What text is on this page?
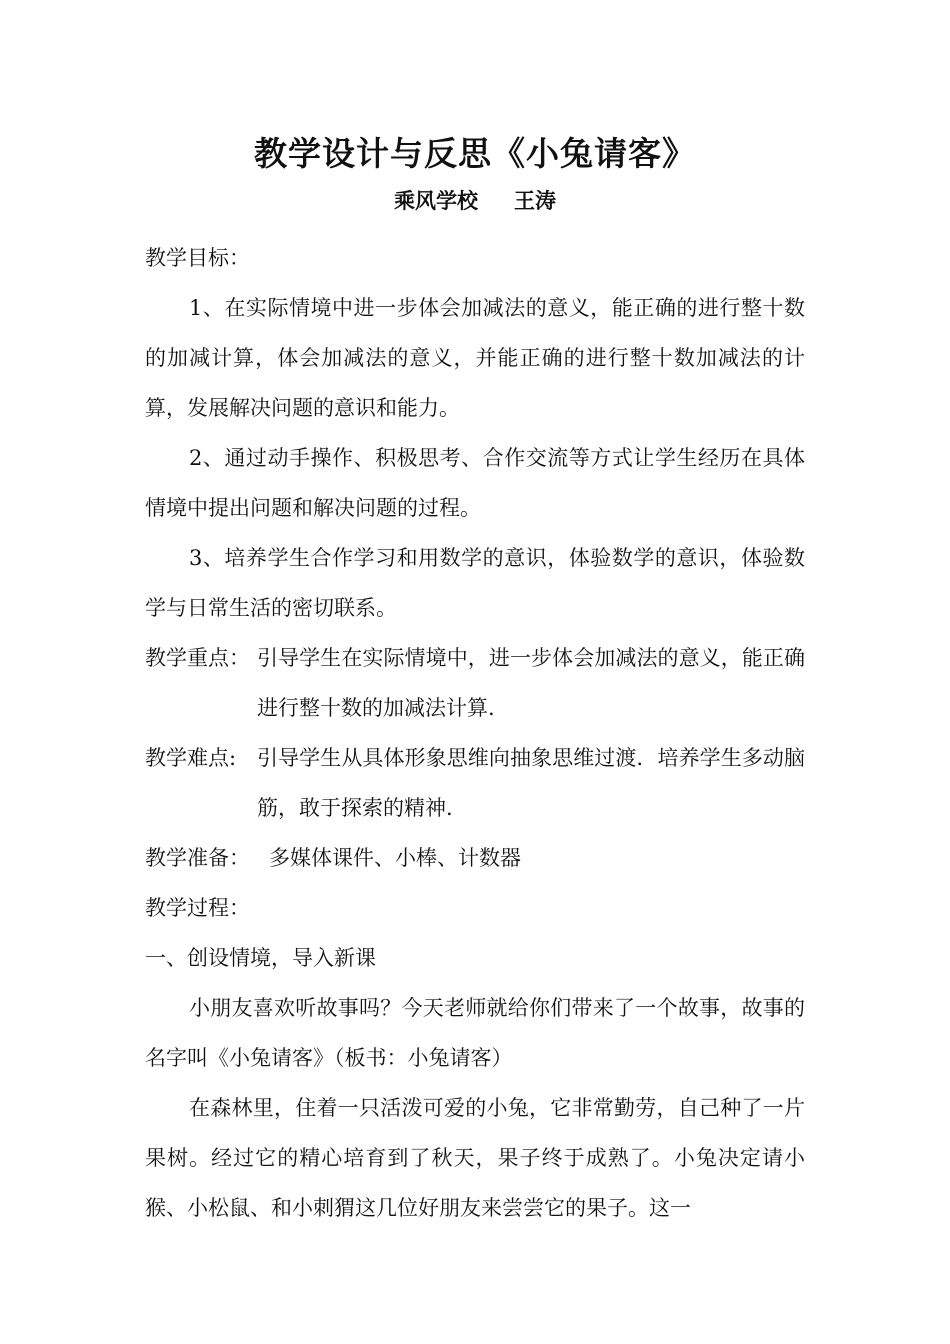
教学设计与反思《小兔请客》
乘风学校 王涛

教学目标：

1、在实际情境中进一步体会加减法的意义，能正确的进行整十数的加减计算，体会加减法的意义，并能正确的进行整十数加减法的计算，发展解决问题的意识和能力。

2、通过动手操作、积极思考、合作交流等方式让学生经历在具体情境中提出问题和解决问题的过程。

3、培养学生合作学习和用数学的意识，体验数学的意识，体验数学与日常生活的密切联系。

教学重点： 引导学生在实际情境中，进一步体会加减法的意义，能正确进行整十数的加减法计算.
教学难点: 引导学生从具体形象思维向抽象思维过渡．培养学生多动脑筋，敢于探索的精神.
教学准备： 多媒体课件、小棒、计数器

教学过程：

一、创设情境，导入新课

小朋友喜欢听故事吗？今天老师就给你们带来了一个故事，故事的名字叫《小兔请客》（板书：小兔请客）

在森林里，住着一只活泼可爱的小兔，它非常勤劳，自己种了一片果树。经过它的精心培育到了秋天，果子终于成熟了。小兔决定请小猴、小松鼠、和小刺猬这几位好朋友来尝尝它的果子。这一
